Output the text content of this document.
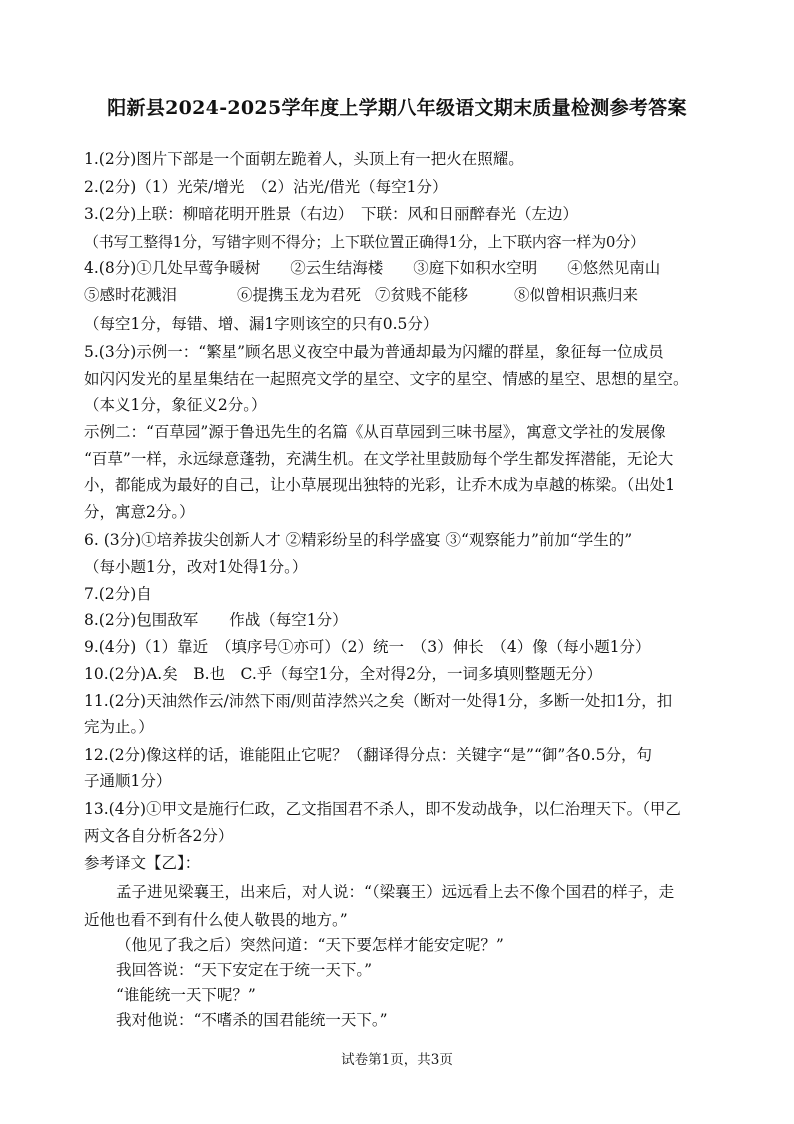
阳新县2024-2025学年度上学期八年级语文期末质量检测参考答案
1.(2分)图片下部是一个面朝左跪着人，头顶上有一把火在照耀。
2.(2分)（1）光荣/增光　（2）沾光/借光（每空1分）
3.(2分)上联：柳暗花明开胜景（右边）　下联：风和日丽醉春光（左边）
（书写工整得1分，写错字则不得分；上下联位置正确得1分，上下联内容一样为0分）
4.(8分)①几处早莺争暖树 ②云生结海楼 ③庭下如积水空明 ④悠然见南山
⑤感时花溅泪	⑥提携玉龙为君死 ⑦贫贱不能移	⑧似曾相识燕归来
（每空1分，每错、增、漏1字则该空的只有0.5分）
5.(3分)示例一：“繁星”顾名思义夜空中最为普通却最为闪耀的群星，象征每一位成员
如闪闪发光的星星集结在一起照亮文学的星空、文字的星空、情感的星空、思想的星空。
（本义1分，象征义2分。）
示例二：“百草园”源于鲁迅先生的名篇《从百草园到三味书屋》，寓意文学社的发展像
“百草”一样，永远绿意蓬勃，充满生机。在文学社里鼓励每个学生都发挥潜能，无论大
小，都能成为最好的自己，让小草展现出独特的光彩，让乔木成为卓越的栋梁。（出处1
分，寓意2分。）
6. (3分)①培养拔尖创新人才 ②精彩纷呈的科学盛宴 ③“观察能力”前加“学生的”
（每小题1分，改对1处得1分。）
7.(2分)自
8.(2分)包围敌军　　作战（每空1分）
9.(4分)（1）靠近　（填序号①亦可）（2）统一　（3）伸长　（4）像（每小题1分）
10.(2分)A.矣　B.也　C.乎（每空1分，全对得2分，一词多填则整题无分）
11.(2分)天油然作云/沛然下雨/则苗浡然兴之矣（断对一处得1分，多断一处扣1分，扣
完为止。）
12.(2分)像这样的话，谁能阻止它呢？（翻译得分点：关键字“是”“御”各0.5分，句
子通顺1分）
13.(4分)①甲文是施行仁政，乙文指国君不杀人，即不发动战争，以仁治理天下。（甲乙
两文各自分析各2分）
参考译文【乙】：
孟子进见梁襄王，出来后，对人说：“（梁襄王）远远看上去不像个国君的样子，走
近他也看不到有什么使人敬畏的地方。”
（他见了我之后）突然问道：“天下要怎样才能安定呢？”
我回答说：“天下安定在于统一天下。”
“谁能统一天下呢？”
我对他说：“不嗜杀的国君能统一天下。”
试卷第1页，共3页
